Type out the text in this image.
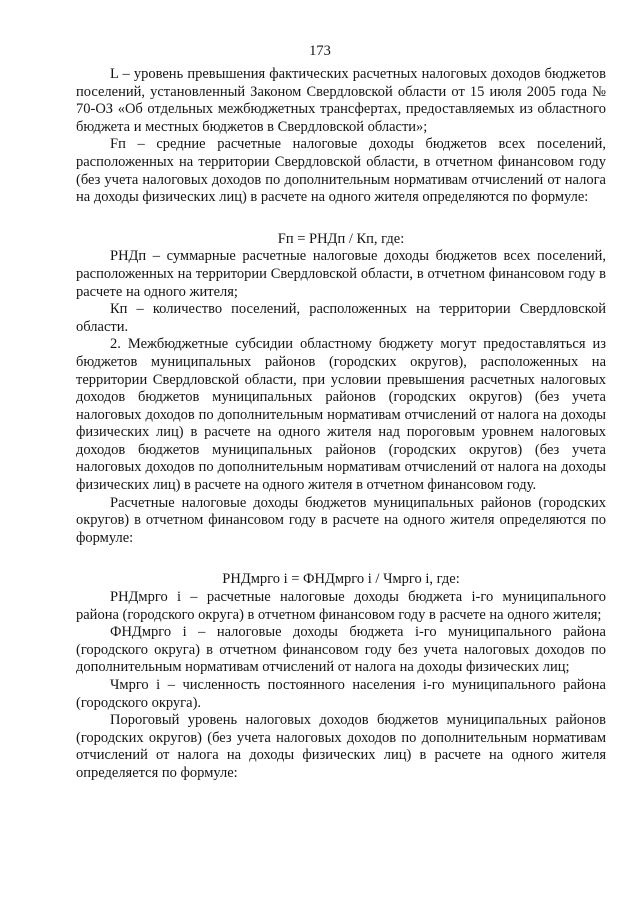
173

L – уровень превышения фактических расчетных налоговых доходов бюджетов поселений, установленный Законом Свердловской области от 15 июля 2005 года № 70-ОЗ «Об отдельных межбюджетных трансфертах, предоставляемых из областного бюджета и местных бюджетов в Свердловской области»;

Fп – средние расчетные налоговые доходы бюджетов всех поселений, расположенных на территории Свердловской области, в отчетном финансовом году (без учета налоговых доходов по дополнительным нормативам отчислений от налога на доходы физических лиц) в расчете на одного жителя определяются по формуле:

Fп = РНДп / Кп, где:

РНДп – суммарные расчетные налоговые доходы бюджетов всех поселений, расположенных на территории Свердловской области, в отчетном финансовом году в расчете на одного жителя;

Кп – количество поселений, расположенных на территории Свердловской области.

2. Межбюджетные субсидии областному бюджету могут предоставляться из бюджетов муниципальных районов (городских округов), расположенных на территории Свердловской области, при условии превышения расчетных налоговых доходов бюджетов муниципальных районов (городских округов) (без учета налоговых доходов по дополнительным нормативам отчислений от налога на доходы физических лиц) в расчете на одного жителя над пороговым уровнем налоговых доходов бюджетов муниципальных районов (городских округов) (без учета налоговых доходов по дополнительным нормативам отчислений от налога на доходы физических лиц) в расчете на одного жителя в отчетном финансовом году.

Расчетные налоговые доходы бюджетов муниципальных районов (городских округов) в отчетном финансовом году в расчете на одного жителя определяются по формуле:

РНДмрго i = ФНДмрго i / Чмрго i, где:

РНДмрго i – расчетные налоговые доходы бюджета i-го муниципального района (городского округа) в отчетном финансовом году в расчете на одного жителя;

ФНДмрго i – налоговые доходы бюджета i-го муниципального района (городского округа) в отчетном финансовом году без учета налоговых доходов по дополнительным нормативам отчислений от налога на доходы физических лиц;

Чмрго i – численность постоянного населения i-го муниципального района (городского округа).

Пороговый уровень налоговых доходов бюджетов муниципальных районов (городских округов) (без учета налоговых доходов по дополнительным нормативам отчислений от налога на доходы физических лиц) в расчете на одного жителя определяется по формуле:
